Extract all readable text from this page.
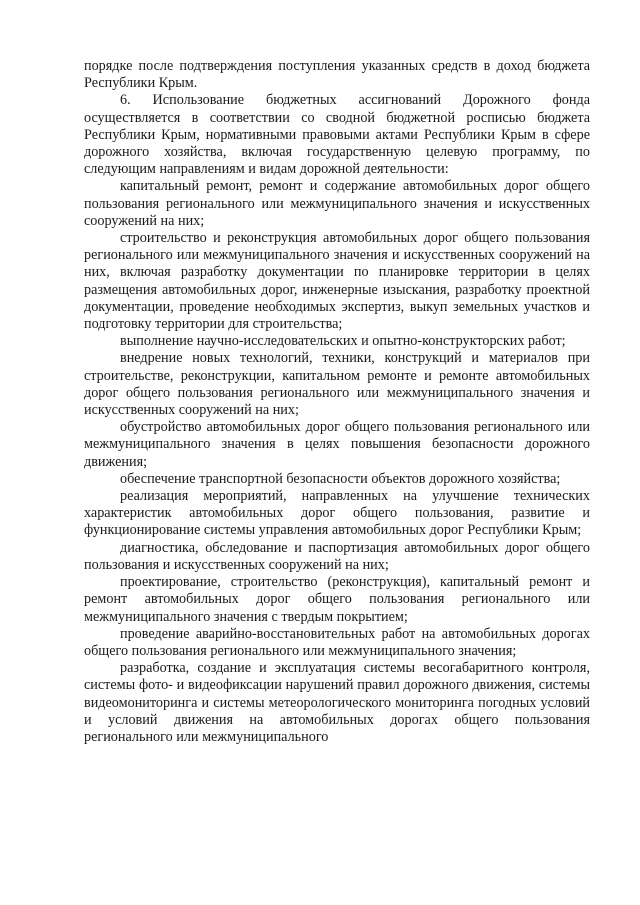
порядке после подтверждения поступления указанных средств в доход бюджета Республики Крым.

6. Использование бюджетных ассигнований Дорожного фонда осуществляется в соответствии со сводной бюджетной росписью бюджета Республики Крым, нормативными правовыми актами Республики Крым в сфере дорожного хозяйства, включая государственную целевую программу, по следующим направлениям и видам дорожной деятельности:

капитальный ремонт, ремонт и содержание автомобильных дорог общего пользования регионального или межмуниципального значения и искусственных сооружений на них;

строительство и реконструкция автомобильных дорог общего пользования регионального или межмуниципального значения и искусственных сооружений на них, включая разработку документации по планировке территории в целях размещения автомобильных дорог, инженерные изыскания, разработку проектной документации, проведение необходимых экспертиз, выкуп земельных участков и подготовку территории для строительства;

выполнение научно-исследовательских и опытно-конструкторских работ;

внедрение новых технологий, техники, конструкций и материалов при строительстве, реконструкции, капитальном ремонте и ремонте автомобильных дорог общего пользования регионального или межмуниципального значения и искусственных сооружений на них;

обустройство автомобильных дорог общего пользования регионального или межмуниципального значения в целях повышения безопасности дорожного движения;

обеспечение транспортной безопасности объектов дорожного хозяйства;

реализация мероприятий, направленных на улучшение технических характеристик автомобильных дорог общего пользования, развитие и функционирование системы управления автомобильных дорог Республики Крым;

диагностика, обследование и паспортизация автомобильных дорог общего пользования и искусственных сооружений на них;

проектирование, строительство (реконструкция), капитальный ремонт и ремонт автомобильных дорог общего пользования регионального или межмуниципального значения с твердым покрытием;

проведение аварийно-восстановительных работ на автомобильных дорогах общего пользования регионального или межмуниципального значения;

разработка, создание и эксплуатация системы весогабаритного контроля, системы фото- и видеофиксации нарушений правил дорожного движения, системы видеомониторинга и системы метеорологического мониторинга погодных условий и условий движения на автомобильных дорогах общего пользования регионального или межмуниципального
